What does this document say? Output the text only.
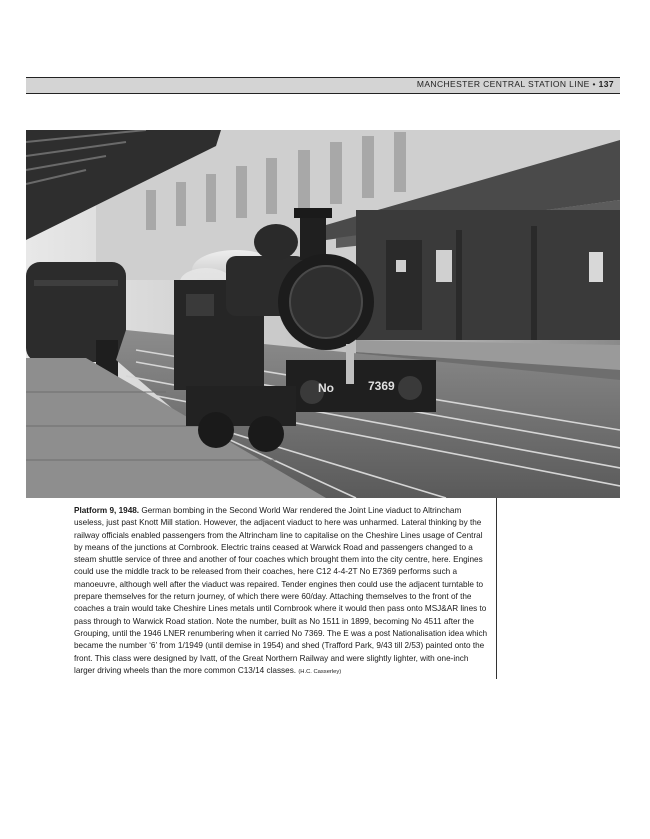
MANCHESTER CENTRAL STATION LINE • 137
No	7369
Platform 9, 1948. German bombing in the Second World War rendered the Joint Line viaduct to Altrincham useless, just past Knott Mill station. However, the adjacent viaduct to here was unharmed. Lateral thinking by the railway officials enabled passengers from the Altrincham line to capitalise on the Cheshire Lines usage of Central by means of the junctions at Cornbrook. Electric trains ceased at Warwick Road and passengers changed to a steam shuttle service of three and another of four coaches which brought them into the city centre, here. Engines could use the middle track to be released from their coaches, here C12 4-4-2T No E7369 performs such a manoeuvre, although well after the viaduct was repaired. Tender engines then could use the adjacent turntable to prepare themselves for the return journey, of which there were 60/day. Attaching themselves to the front of the coaches a train would take Cheshire Lines metals until Cornbrook where it would then pass onto MSJ&AR lines to pass through to Warwick Road station. Note the number, built as No 1511 in 1899, becoming No 4511 after the Grouping, until the 1946 LNER renumbering when it carried No 7369. The E was a post Nationalisation idea which became the number ‘6’ from 1/1949 (until demise in 1954) and shed (Trafford Park, 9/43 till 2/53) painted onto the front. This class were designed by Ivatt, of the Great Northern Railway and were slightly lighter, with one-inch larger driving wheels than the more common C13/14 classes. (H.C. Casserley)
